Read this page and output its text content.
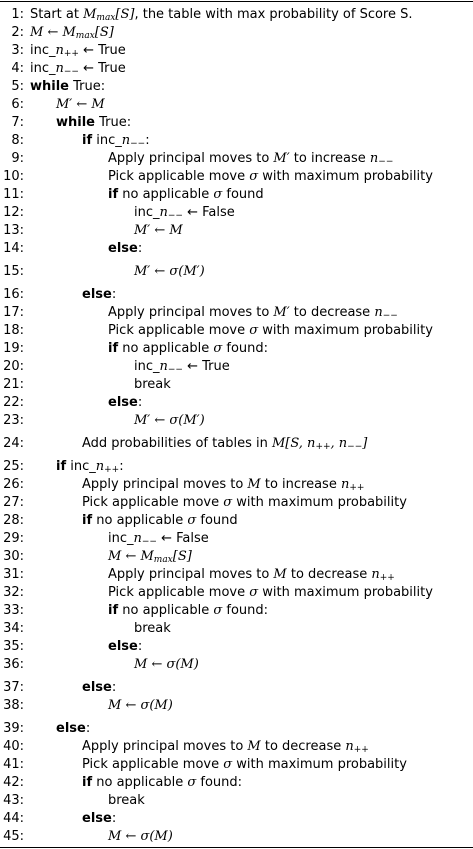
1: Start at $M_{max}[S]$, the table with max probability of Score S.
2: M ← $M_{max}[S]$
3: $inc\_n_{++}$ ← True
4: $inc\_n_{--}$ ← True
5: while True:
6: M′ ← M
7: while True:
8:	if $inc\_n_{--}$:
9:	Apply principal moves to M′ to increase $n_{--}$
10:	Pick applicable move σ with maximum probability
11:	if no applicable σ found
12:	$inc\_n_{--}$ ← False
13:	M′ ← M
14:	else:
15:	M′ ← σ(M′)
16:	else:
17:	Apply principal moves to M′ to decrease $n_{--}$
18:	Pick applicable move σ with maximum probability
19:	if no applicable σ found:
20:	$inc\_n_{--}$ ← True
21:	break
22:	else:
23:	M′ ← σ(M′)
24:	Add probabilities of tables in M[S, $n_{++}$, $n_{--}$]
25: if $inc\_n_{++}$:
26:	Apply principal moves to M to increase $n_{++}$
27:	Pick applicable move σ with maximum probability
28:	if no applicable σ found
29:	$inc\_n_{--}$ ← False
30:	M ← $M_{max}[S]$
31:	Apply principal moves to M to decrease $n_{++}$
32:	Pick applicable move σ with maximum probability
33:	if no applicable σ found:
34:	break
35:	else:
36:	M ← σ(M)
37:	else:
38:	M ← σ(M)
39: else:
40:	Apply principal moves to M to decrease $n_{++}$
41:	Pick applicable move σ with maximum probability
42:	if no applicable σ found:
43:	break
44:	else:
45:	M ← σ(M)
